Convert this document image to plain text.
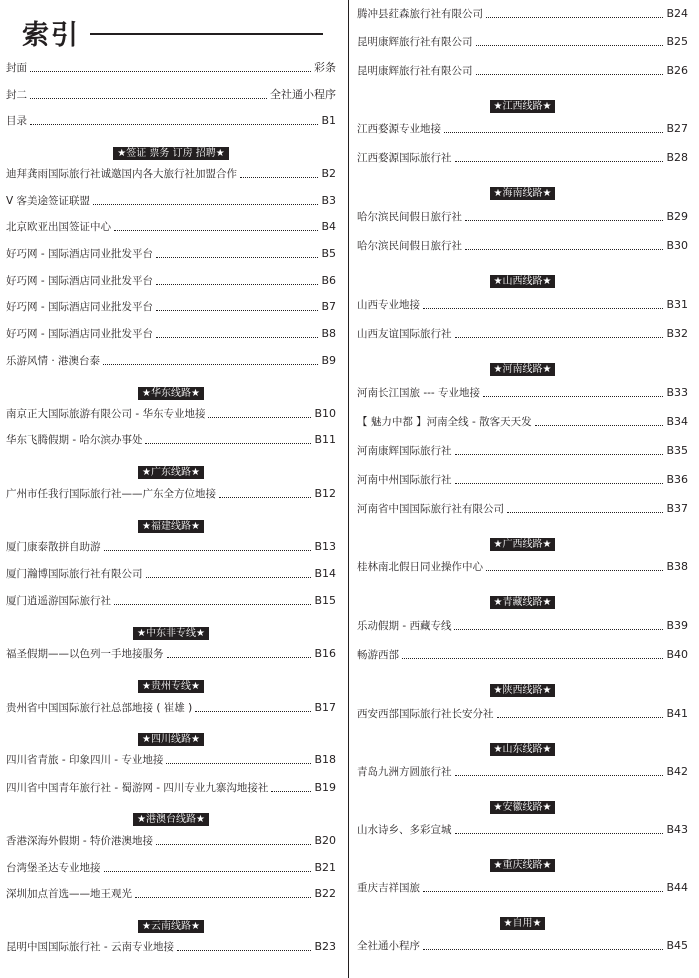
索引
封面	彩条
封二	全社通小程序
目录	B1
★签证 票务 订房 招聘★
迪拜龚雨国际旅行社诚邀国内各大旅行社加盟合作	B2
V 客美途签证联盟	B3
北京欧亚出国签证中心	B4
好巧网 - 国际酒店同业批发平台	B5
好巧网 - 国际酒店同业批发平台	B6
好巧网 - 国际酒店同业批发平台	B7
好巧网 - 国际酒店同业批发平台	B8
乐游风情 · 港澳台泰	B9
★华东线路★
南京正大国际旅游有限公司 - 华东专业地接	B10
华东飞腾假期 - 哈尔滨办事处	B11
★广东线路★
广州市任我行国际旅行社——广东全方位地接	B12
★福建线路★
厦门康泰散拼自助游	B13
厦门瀚博国际旅行社有限公司	B14
厦门逍遥游国际旅行社	B15
★中东非专线★
福圣假期——以色列一手地接服务	B16
★贵州专线★
贵州省中国国际旅行社总部地接 ( 崔雄 )	B17
★四川线路★
四川省青旅 - 印象四川 - 专业地接	B18
四川省中国青年旅行社 - 蜀游网 - 四川专业九寨沟地接社	B19
★港澳台线路★
香港深海外假期 - 特价港澳地接	B20
台湾堡圣达专业地接	B21
深圳加点首选——地王观光	B22
★云南线路★
昆明中国国际旅行社 - 云南专业地接	B23
腾冲县荭森旅行社有限公司	B24
昆明康辉旅行社有限公司	B25
昆明康辉旅行社有限公司	B26
★江西线路★
江西婺源专业地接	B27
江西婺源国际旅行社	B28
★海南线路★
哈尔滨民间假日旅行社	B29
哈尔滨民间假日旅行社	B30
★山西线路★
山西专业地接	B31
山西友谊国际旅行社	B32
★河南线路★
河南长江国旅 --- 专业地接	B33
【 魅力中都 】河南全线 - 散客天天发	B34
河南康辉国际旅行社	B35
河南中州国际旅行社	B36
河南省中国国际旅行社有限公司	B37
★广西线路★
桂林南北假日同业操作中心	B38
★青藏线路★
乐动假期 - 西藏专线	B39
畅游西部	B40
★陕西线路★
西安西部国际旅行社长安分社	B41
★山东线路★
青岛九洲方圆旅行社	B42
★安徽线路★
山水诗乡、多彩宣城	B43
★重庆线路★
重庆吉祥国旅	B44
★自用★
全社通小程序	B45
